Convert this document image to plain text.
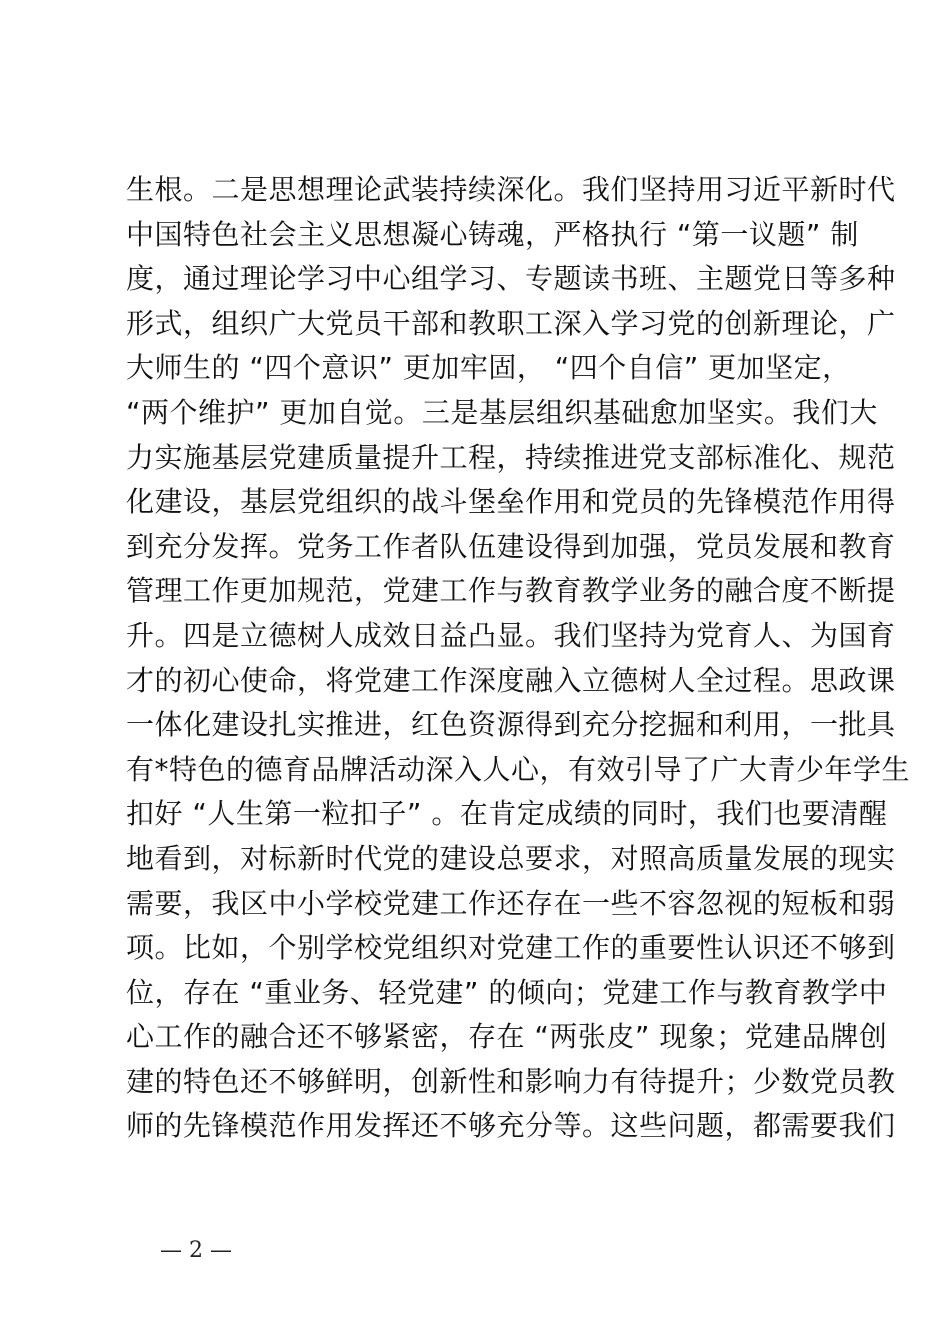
生根。二是思想理论武装持续深化。我们坚持用习近平新时代
中国特色社会主义思想凝心铸魂，严格执行 “第一议题” 制
度，通过理论学习中心组学习、专题读书班、主题党日等多种
形式，组织广大党员干部和教职工深入学习党的创新理论，广
大师生的 “四个意识” 更加牢固， “四个自信” 更加坚定，
“两个维护” 更加自觉。三是基层组织基础愈加坚实。我们大
力实施基层党建质量提升工程，持续推进党支部标准化、规范
化建设，基层党组织的战斗堡垒作用和党员的先锋模范作用得
到充分发挥。党务工作者队伍建设得到加强，党员发展和教育
管理工作更加规范，党建工作与教育教学业务的融合度不断提
升。四是立德树人成效日益凸显。我们坚持为党育人、为国育
才的初心使命，将党建工作深度融入立德树人全过程。思政课
一体化建设扎实推进，红色资源得到充分挖掘和利用，一批具
有*特色的德育品牌活动深入人心，有效引导了广大青少年学生
扣好 “人生第一粒扣子” 。在肯定成绩的同时，我们也要清醒
地看到，对标新时代党的建设总要求，对照高质量发展的现实
需要，我区中小学校党建工作还存在一些不容忽视的短板和弱
项。比如，个别学校党组织对党建工作的重要性认识还不够到
位，存在 “重业务、轻党建” 的倾向；党建工作与教育教学中
心工作的融合还不够紧密，存在 “两张皮” 现象；党建品牌创
建的特色还不够鲜明，创新性和影响力有待提升；少数党员教
师的先锋模范作用发挥还不够充分等。这些问题，都需要我们
— 2 —
